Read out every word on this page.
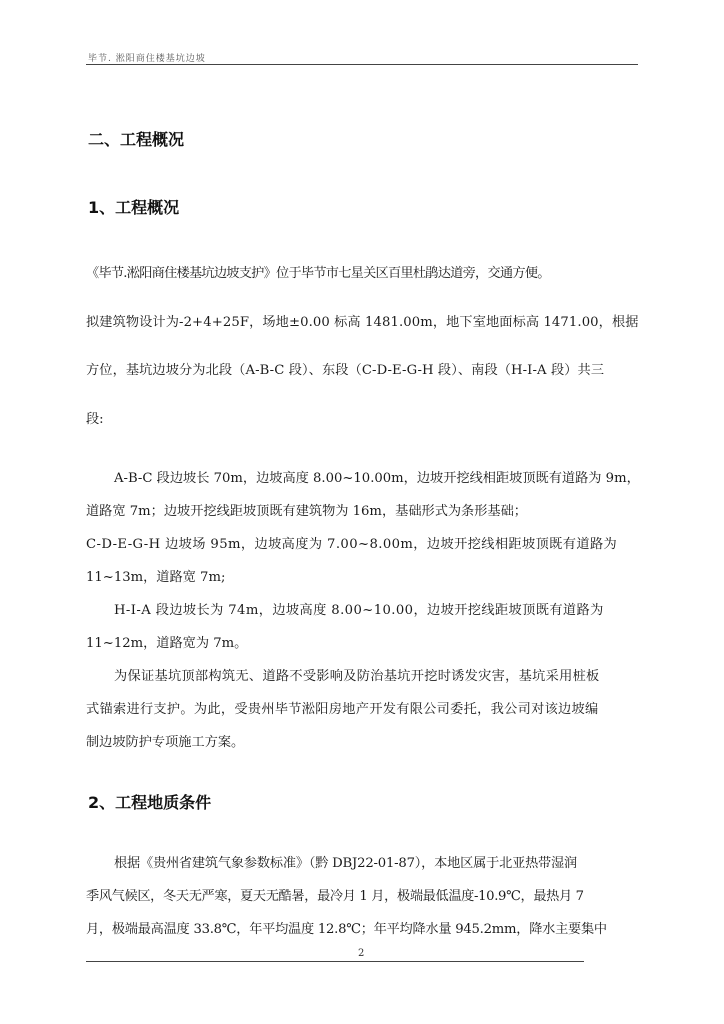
毕节. 淞阳商住楼基坑边坡
二、工程概况
1、工程概况
《毕节.淞阳商住楼基坑边坡支护》位于毕节市七星关区百里杜鹃达道旁，交通方便。
拟建筑物设计为-2+4+25F，场地±0.00 标高 1481.00m，地下室地面标高 1471.00，根据
方位，基坑边坡分为北段（A-B-C 段）、东段（C-D-E-G-H 段）、南段（H-I-A 段）共三
段:
A-B-C 段边坡长 70m，边坡高度 8.00~10.00m，边坡开挖线相距坡顶既有道路为 9m，
道路宽 7m；边坡开挖线距坡顶既有建筑物为 16m，基础形式为条形基础；
C-D-E-G-H 边坡场 95m，边坡高度为 7.00~8.00m，边坡开挖线相距坡顶既有道路为
11~13m，道路宽 7m;
H-I-A 段边坡长为 74m，边坡高度 8.00~10.00，边坡开挖线距坡顶既有道路为
11~12m，道路宽为 7m。
为保证基坑顶部构筑无、道路不受影响及防治基坑开挖时诱发灾害，基坑采用桩板
式锚索进行支护。为此，受贵州毕节淞阳房地产开发有限公司委托，我公司对该边坡编
制边坡防护专项施工方案。
2、工程地质条件
根据《贵州省建筑气象参数标准》（黔 DBJ22-01-87），本地区属于北亚热带湿润
季风气候区，冬天无严寒，夏天无酷暑，最冷月 1 月，极端最低温度-10.9℃，最热月 7
月，极端最高温度 33.8℃，年平均温度 12.8℃；年平均降水量 945.2mm，降水主要集中
2
